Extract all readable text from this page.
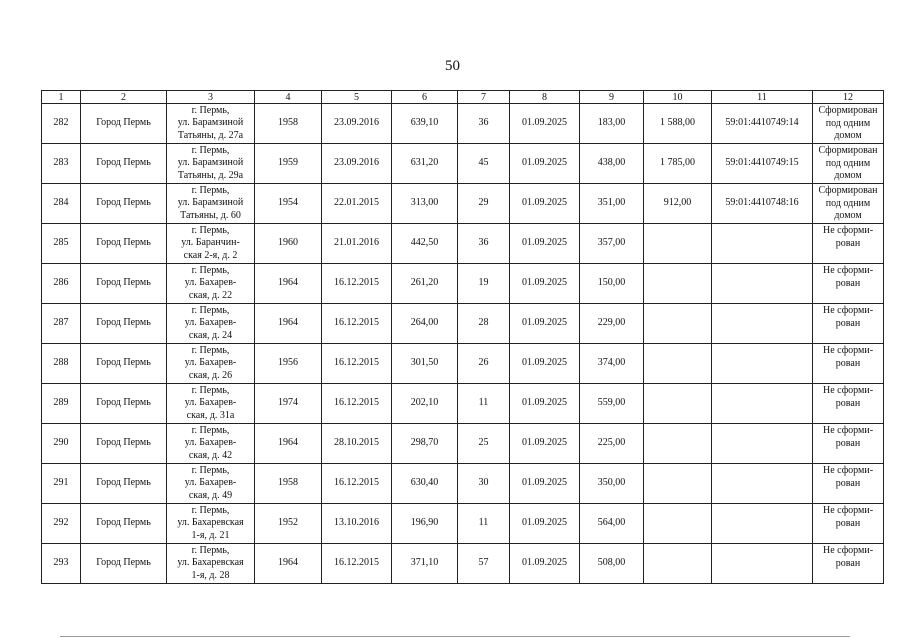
50
1	2	3	4	5	6	7	8	9	10	11	12
282	Город Пермь	г. Пермь,
ул. Барамзиной
Татьяны, д. 27а	1958	23.09.2016	639,10	36	01.09.2025	183,00	1 588,00	59:01:4410749:14	Сформирован
под одним
домом
283	Город Пермь	г. Пермь,
ул. Барамзиной
Татьяны, д. 29а	1959	23.09.2016	631,20	45	01.09.2025	438,00	1 785,00	59:01:4410749:15	Сформирован
под одним
домом
284	Город Пермь	г. Пермь,
ул. Барамзиной
Татьяны, д. 60	1954	22.01.2015	313,00	29	01.09.2025	351,00	912,00	59:01:4410748:16	Сформирован
под одним
домом
285	Город Пермь	г. Пермь,
ул. Баранчин-
ская 2-я, д. 2	1960	21.01.2016	442,50	36	01.09.2025	357,00			Не сформи-
рован
286	Город Пермь	г. Пермь,
ул. Бахарев-
ская, д. 22	1964	16.12.2015	261,20	19	01.09.2025	150,00			Не сформи-
рован
287	Город Пермь	г. Пермь,
ул. Бахарев-
ская, д. 24	1964	16.12.2015	264,00	28	01.09.2025	229,00			Не сформи-
рован
288	Город Пермь	г. Пермь,
ул. Бахарев-
ская, д. 26	1956	16.12.2015	301,50	26	01.09.2025	374,00			Не сформи-
рован
289	Город Пермь	г. Пермь,
ул. Бахарев-
ская, д. 31а	1974	16.12.2015	202,10	11	01.09.2025	559,00			Не сформи-
рован
290	Город Пермь	г. Пермь,
ул. Бахарев-
ская, д. 42	1964	28.10.2015	298,70	25	01.09.2025	225,00			Не сформи-
рован
291	Город Пермь	г. Пермь,
ул. Бахарев-
ская, д. 49	1958	16.12.2015	630,40	30	01.09.2025	350,00			Не сформи-
рован
292	Город Пермь	г. Пермь,
ул. Бахаревская
1-я, д. 21	1952	13.10.2016	196,90	11	01.09.2025	564,00			Не сформи-
рован
293	Город Пермь	г. Пермь,
ул. Бахаревская
1-я, д. 28	1964	16.12.2015	371,10	57	01.09.2025	508,00			Не сформи-
рован
